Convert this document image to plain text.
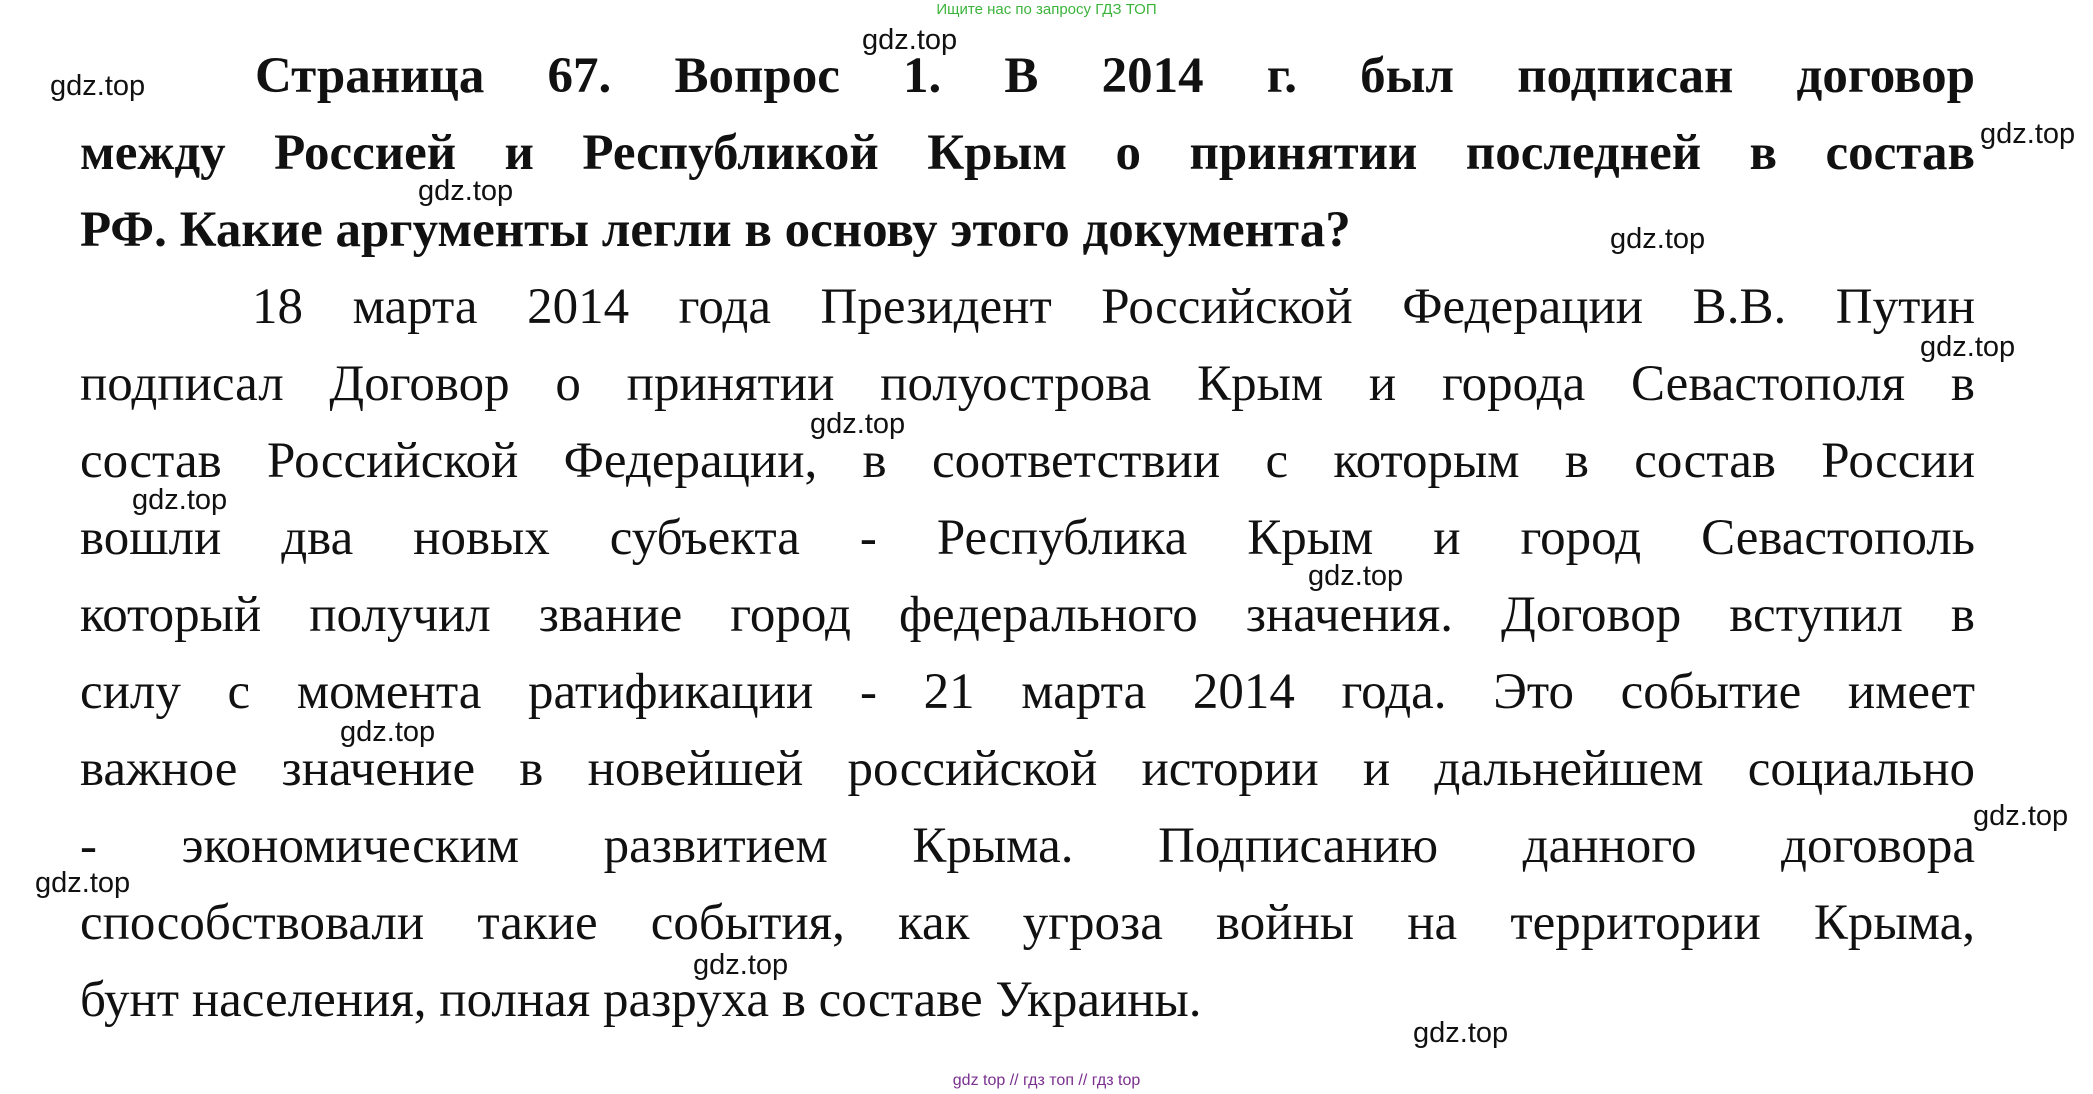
Ищите нас по запросу ГДЗ ТОП
Страница 67. Вопрос 1. В 2014 г. был подписан договор
между Россией и Республикой Крым о принятии последней в состав
РФ. Какие аргументы легли в основу этого документа?
18 марта 2014 года Президент Российской Федерации В.В. Путин
подписал Договор о принятии полуострова Крым и города Севастополя в
состав Российской Федерации, в соответствии с которым в состав России
вошли два новых субъекта - Республика Крым и город Севастополь
который получил звание город федерального значения. Договор вступил в
силу с момента ратификации - 21 марта 2014 года. Это событие имеет
важное значение в новейшей российской истории и дальнейшем социально
- экономическим развитием Крыма. Подписанию данного договора
способствовали такие события, как угроза войны на территории Крыма,
бунт населения, полная разруха в составе Украины.
gdz.top
gdz.top
gdz.top
gdz.top
gdz.top
gdz.top
gdz.top
gdz.top
gdz.top
gdz.top
gdz.top
gdz.top
gdz.top
gdz.top
gdz top // гдз топ // гдз top
